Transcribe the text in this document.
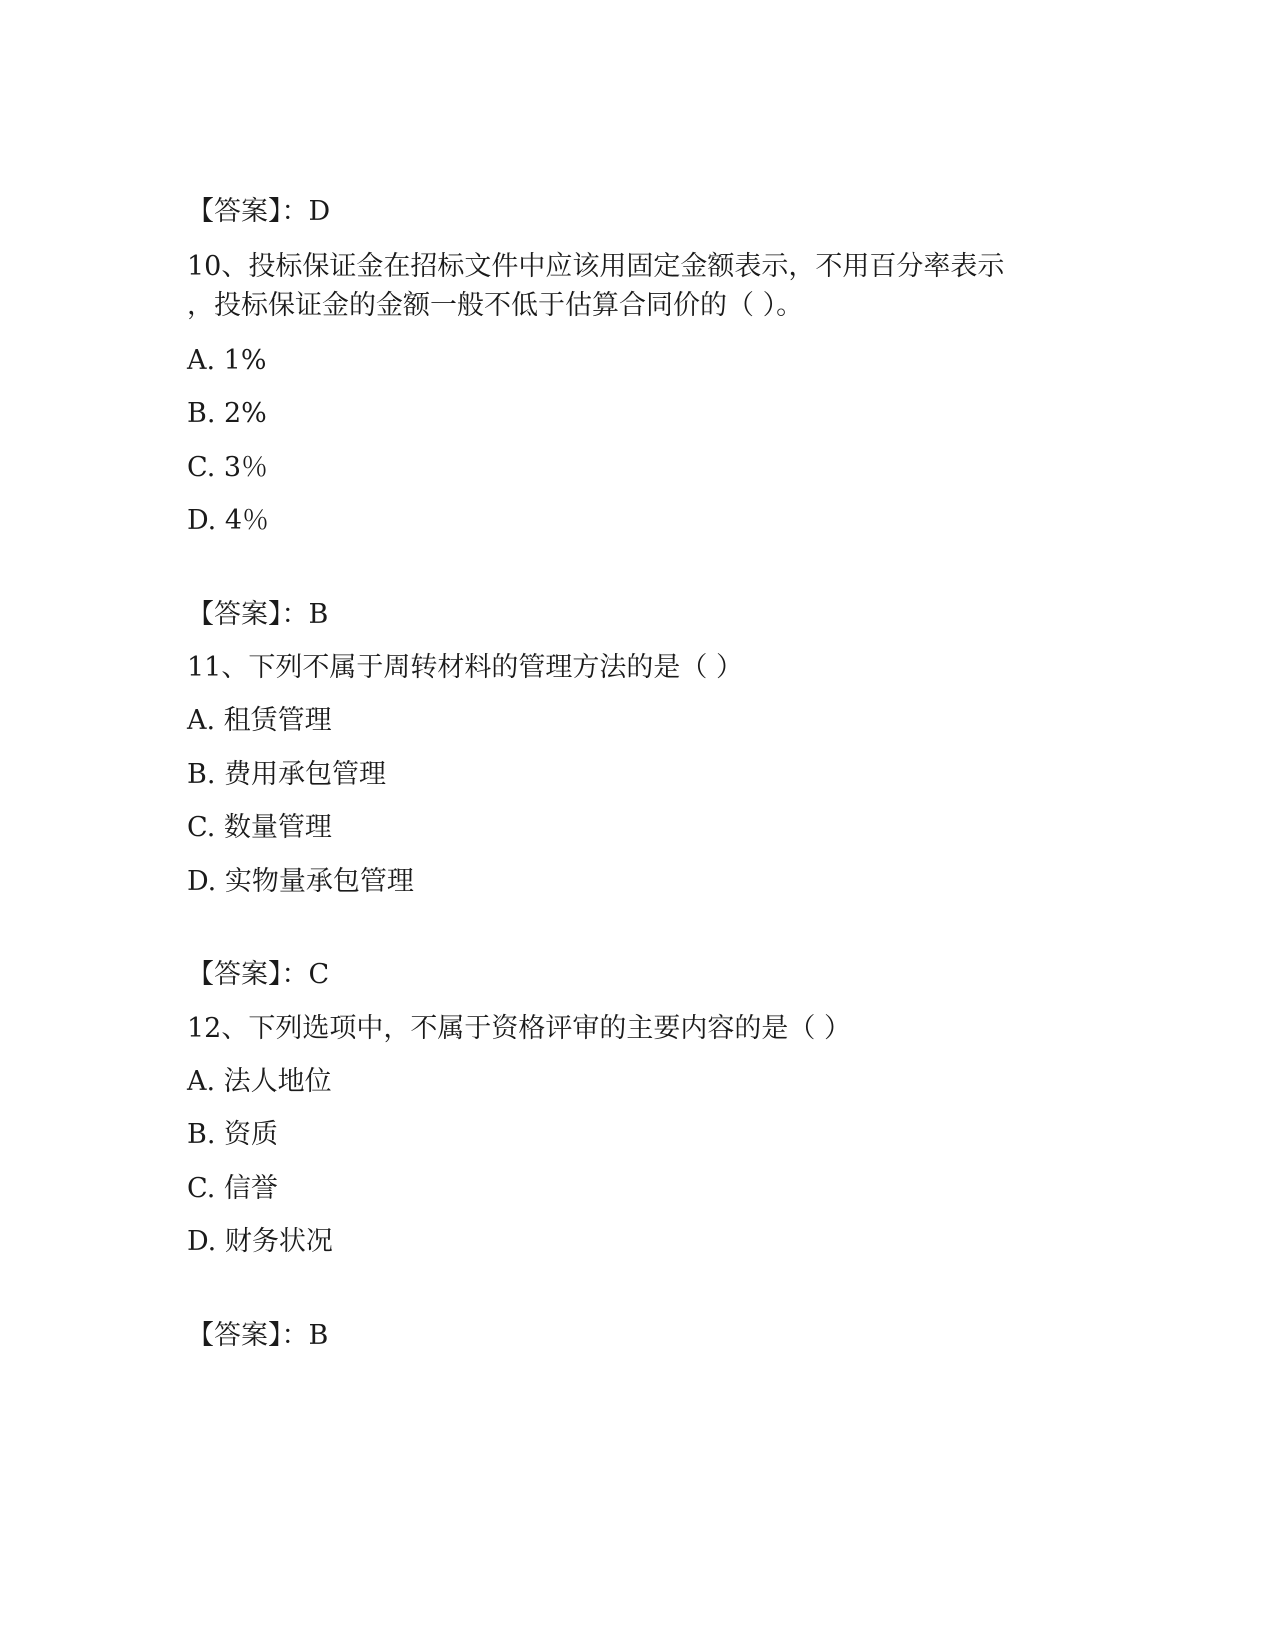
【答案】：D
10、投标保证金在招标文件中应该用固定金额表示，不用百分率表示
，投标保证金的金额一般不低于估算合同价的（ ）。
A. 1%
B. 2%
C. 3％
D. 4％
【答案】：B
11、下列不属于周转材料的管理方法的是（ ）
A. 租赁管理
B. 费用承包管理
C. 数量管理
D. 实物量承包管理
【答案】：C
12、下列选项中，不属于资格评审的主要内容的是（ ）
A. 法人地位
B. 资质
C. 信誉
D. 财务状况
【答案】：B
